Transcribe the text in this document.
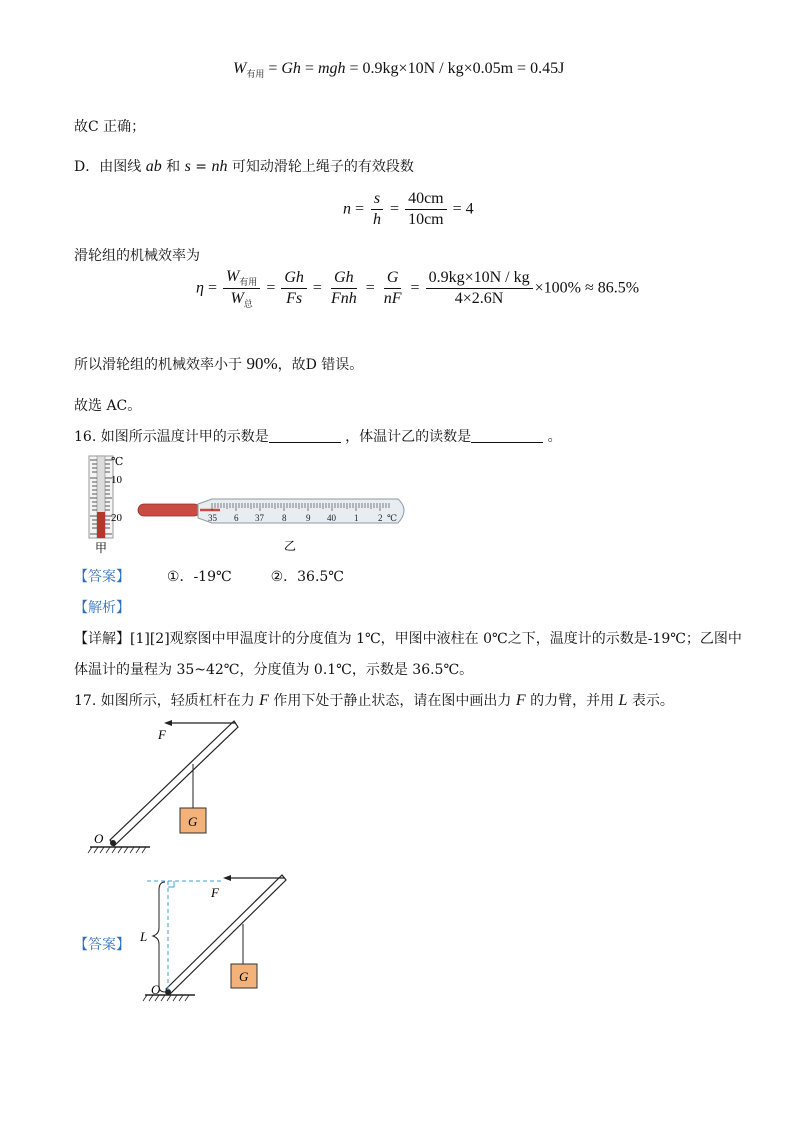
$W_{有用} = Gh$ = mgh = 0.9kg×10N / kg×0.05m = 0.45J
故C 正确；
D．由图线 ab 和 s = nh 可知动滑轮上绳子的有效段数
$n = \frac{s}{h} = \frac{40cm}{10cm} = 4$
滑轮组的机械效率为
$\eta = \frac{W_{有用}}{W_总} = \frac{Gh}{Fs} = \frac{Gh}{\text{Fnh}} = \frac{G}{nF} = \frac{0.9kg\times 10N / kg}{4\times 2.6N} \times 100\% \approx 86.5\%$
所以滑轮组的机械效率小于 90%，故D 错误。
故选 AC。
16. 如图所示温度计甲的示数是	，体温计乙的读数是	。
℃
10
20
甲
35 6 37 8 9 40 1 2 ℃
乙
【答案】	①．-19℃	②．36.5℃
【解析】
【详解】[1][2]观察图中甲温度计的分度值为 1℃，甲图中液柱在 0℃之下，温度计的示数是-19℃；乙图中
体温计的量程为 35~42℃，分度值为 0.1℃，示数是 36.5℃。
17. 如图所示，轻质杠杆在力 F 作用下处于静止状态，请在图中画出力 F 的力臂，并用 L 表示。
O
F
G
【答案】
O
F
L
G
